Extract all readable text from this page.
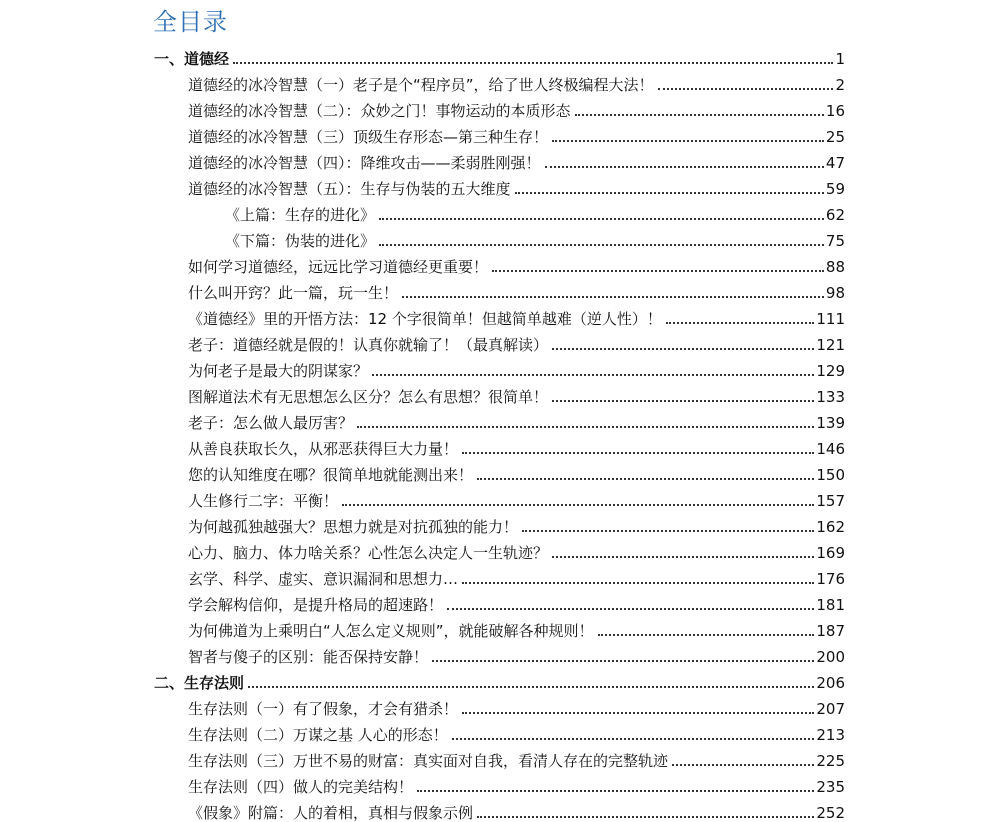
全目录
一、道德经	1
道德经的冰冷智慧（一）老子是个“程序员”，给了世人终极编程大法！	2
道德经的冰冷智慧（二）：众妙之门！事物运动的本质形态	16
道德经的冰冷智慧（三）顶级生存形态—第三种生存！	25
道德经的冰冷智慧（四）：降维攻击——柔弱胜刚强！	47
道德经的冰冷智慧（五）：生存与伪装的五大维度	59
《上篇：生存的进化》	62
《下篇：伪装的进化》	75
如何学习道德经，远远比学习道德经更重要！	88
什么叫开窍？此一篇，玩一生！	98
《道德经》里的开悟方法：12 个字很简单！但越简单越难（逆人性）！	111
老子：道德经就是假的！认真你就输了！（最真解读）	121
为何老子是最大的阴谋家？	129
图解道法术有无思想怎么区分？怎么有思想？很简单！	133
老子：怎么做人最厉害？	139
从善良获取长久，从邪恶获得巨大力量！	146
您的认知维度在哪？很简单地就能测出来！	150
人生修行二字：平衡！	157
为何越孤独越强大？思想力就是对抗孤独的能力！	162
心力、脑力、体力啥关系？心性怎么决定人一生轨迹？	169
玄学、科学、虚实、意识漏洞和思想力…	176
学会解构信仰，是提升格局的超速路！	181
为何佛道为上乘明白“人怎么定义规则”，就能破解各种规则！	187
智者与傻子的区别：能否保持安静！	200
二、生存法则	206
生存法则（一）有了假象，才会有猎杀！	207
生存法则（二）万谋之基 人心的形态！	213
生存法则（三）万世不易的财富：真实面对自我，看清人存在的完整轨迹	225
生存法则（四）做人的完美结构！	235
《假象》附篇：人的着相，真相与假象示例	252
